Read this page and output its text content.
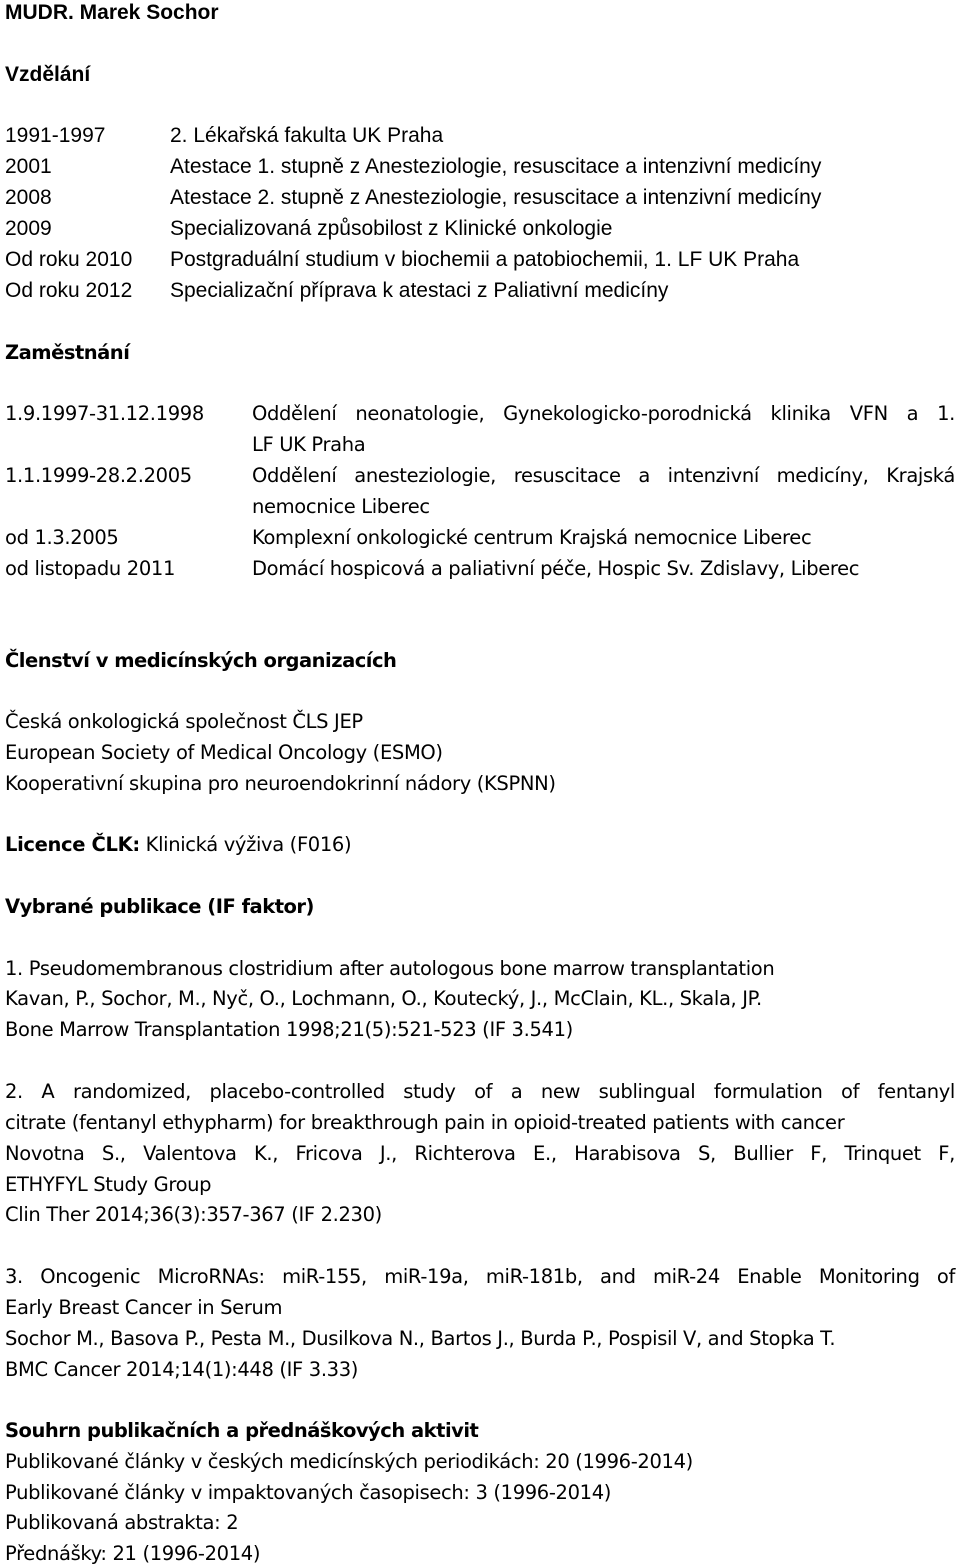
MUDR. Marek Sochor
Vzdělání
1991-1997	2. Lékařská fakulta UK Praha
2001	Atestace 1. stupně z Anesteziologie, resuscitace a intenzivní medicíny
2008	Atestace 2. stupně z Anesteziologie, resuscitace a intenzivní medicíny
2009	Specializovaná způsobilost z Klinické onkologie
Od roku 2010 Postgraduální studium v biochemii a patobiochemii, 1. LF UK Praha
Od roku 2012 Specializační příprava k atestaci z Paliativní medicíny
Zaměstnání
1.9.1997-31.12.1998 Oddělení neonatologie, Gynekologicko-porodnická klinika VFN a 1.
LF UK Praha
1.1.1999-28.2.2005	Oddělení anesteziologie, resuscitace a intenzivní medicíny, Krajská
nemocnice Liberec
od 1.3.2005	Komplexní onkologické centrum Krajská nemocnice Liberec
od listopadu 2011	Domácí hospicová a paliativní péče, Hospic Sv. Zdislavy, Liberec
Členství v medicínských organizacích
Česká onkologická společnost ČLS JEP
European Society of Medical Oncology (ESMO)
Kooperativní skupina pro neuroendokrinní nádory (KSPNN)
Licence ČLK: Klinická výživa (F016)
Vybrané publikace (IF faktor)
1. Pseudomembranous clostridium after autologous bone marrow transplantation
Kavan, P., Sochor, M., Nyč, O., Lochmann, O., Koutecký, J., McClain, KL., Skala, JP.
Bone Marrow Transplantation 1998;21(5):521-523 (IF 3.541)
2. A randomized, placebo-controlled study of a new sublingual formulation of fentanyl
citrate (fentanyl ethypharm) for breakthrough pain in opioid-treated patients with cancer
Novotna S., Valentova K., Fricova J., Richterova E., Harabisova S, Bullier F, Trinquet F,
ETHYFYL Study Group
Clin Ther 2014;36(3):357-367 (IF 2.230)
3. Oncogenic MicroRNAs: miR-155, miR-19a, miR-181b, and miR-24 Enable Monitoring of
Early Breast Cancer in Serum
Sochor M., Basova P., Pesta M., Dusilkova N., Bartos J., Burda P., Pospisil V, and Stopka T.
BMC Cancer 2014;14(1):448 (IF 3.33)
Souhrn publikačních a přednáškových aktivit
Publikované články v českých medicínských periodikách: 20 (1996-2014)
Publikované články v impaktovaných časopisech: 3 (1996-2014)
Publikovaná abstrakta: 2
Přednášky: 21 (1996-2014)
